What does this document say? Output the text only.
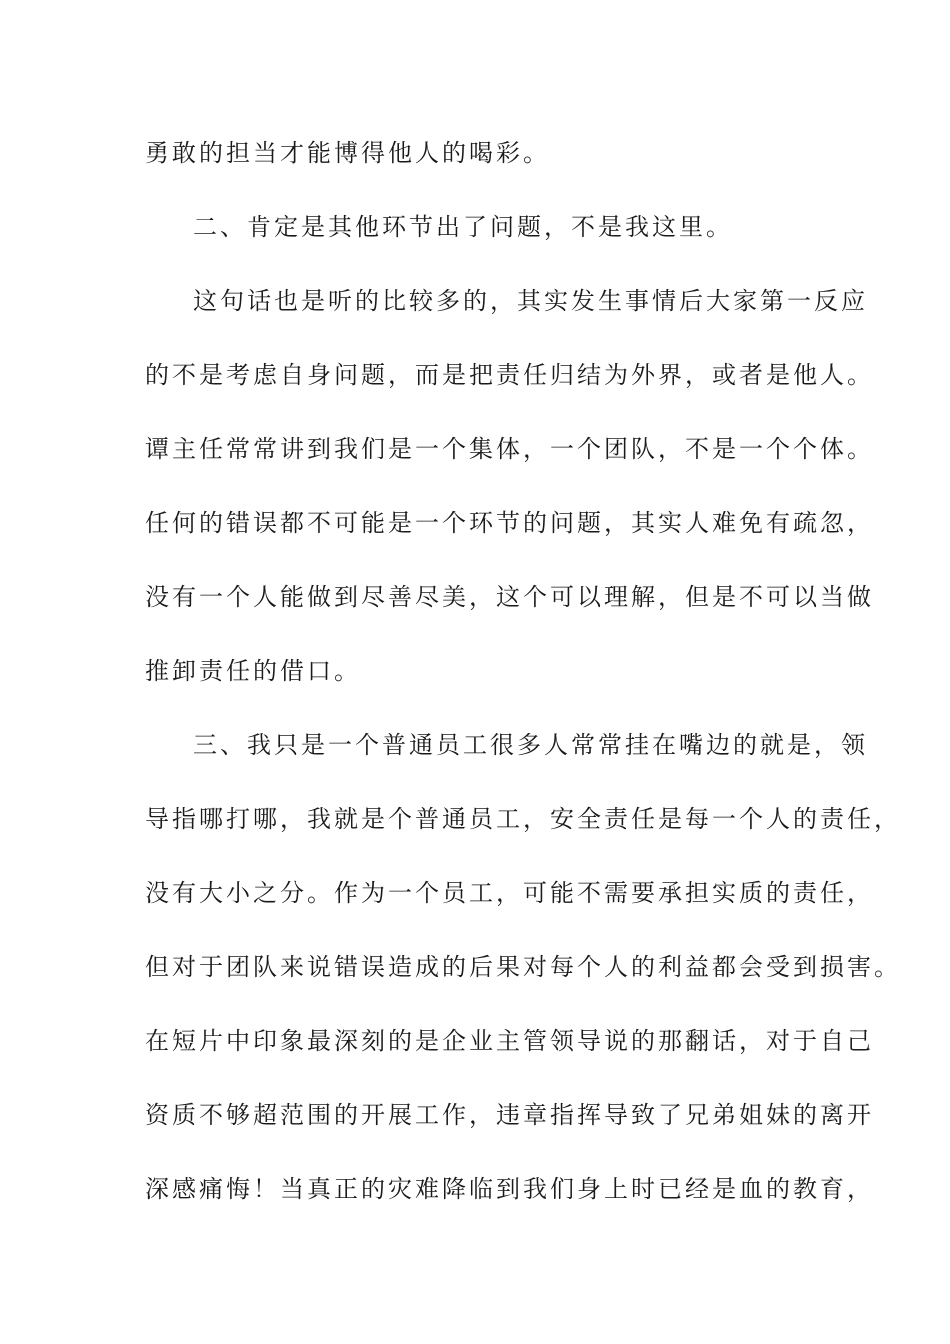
勇敢的担当才能博得他人的喝彩。

二、肯定是其他环节出了问题，不是我这里。

这句话也是听的比较多的，其实发生事情后大家第一反应

的不是考虑自身问题，而是把责任归结为外界，或者是他人。

谭主任常常讲到我们是一个集体，一个团队，不是一个个体。

任何的错误都不可能是一个环节的问题，其实人难免有疏忽，

没有一个人能做到尽善尽美，这个可以理解，但是不可以当做

推卸责任的借口。

三、我只是一个普通员工很多人常常挂在嘴边的就是，领

导指哪打哪，我就是个普通员工，安全责任是每一个人的责任，

没有大小之分。作为一个员工，可能不需要承担实质的责任，

但对于团队来说错误造成的后果对每个人的利益都会受到损害。

在短片中印象最深刻的是企业主管领导说的那翻话，对于自己

资质不够超范围的开展工作，违章指挥导致了兄弟姐妹的离开

深感痛悔！当真正的灾难降临到我们身上时已经是血的教育，
